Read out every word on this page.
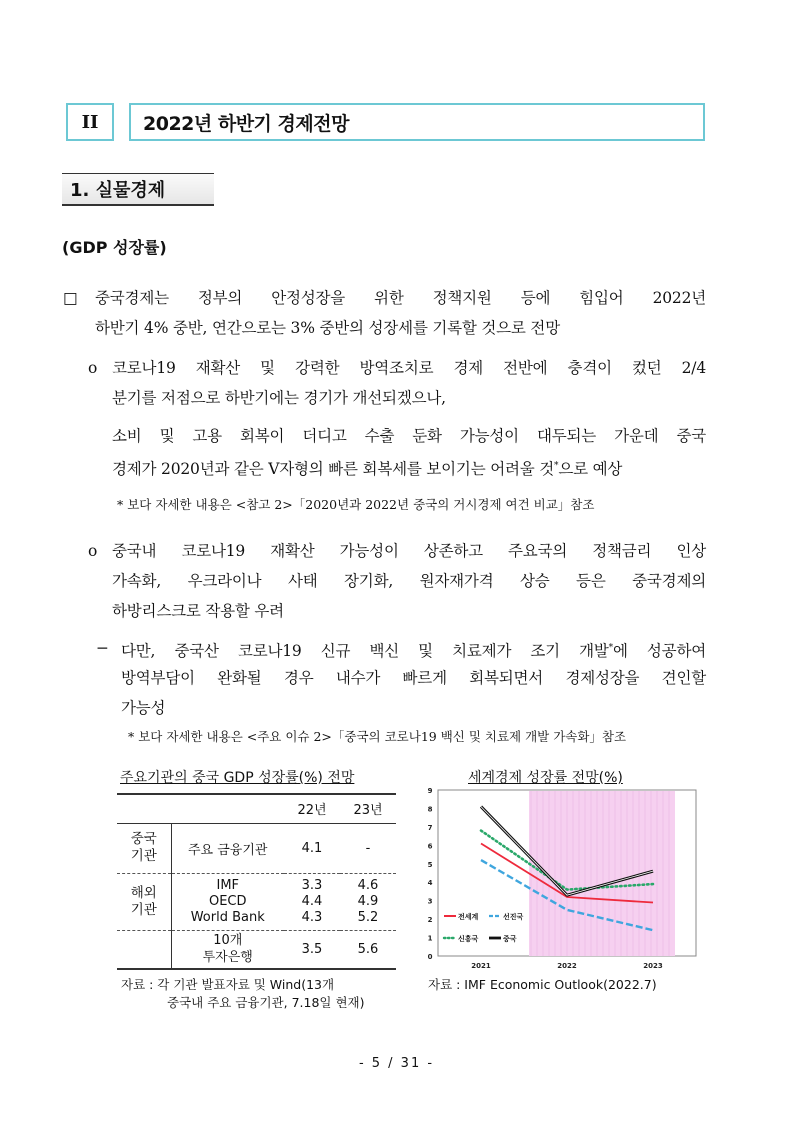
II 2022년 하반기 경제전망
1. 실물경제
(GDP 성장률)
□ 중국경제는 정부의 안정성장을 위한 정책지원 등에 힘입어 2022년
하반기 4% 중반, 연간으로는 3% 중반의 성장세를 기록할 것으로 전망
o 코로나19 재확산 및 강력한 방역조치로 경제 전반에 충격이 컸던 2/4
분기를 저점으로 하반기에는 경기가 개선되겠으나,
소비 및 고용 회복이 더디고 수출 둔화 가능성이 대두되는 가운데 중국
경제가 2020년과 같은 V자형의 빠른 회복세를 보이기는 어려울 것*으로 예상
* 보다 자세한 내용은 <참고 2>「2020년과 2022년 중국의 거시경제 여건 비교」참조
o 중국내 코로나19 재확산 가능성이 상존하고 주요국의 정책금리 인상
가속화, 우크라이나 사태 장기화, 원자재가격 상승 등은 중국경제의
하방리스크로 작용할 우려
− 다만, 중국산 코로나19 신규 백신 및 치료제가 조기 개발*에 성공하여
방역부담이 완화될 경우 내수가 빠르게 회복되면서 경제성장을 견인할
가능성
* 보다 자세한 내용은 <주요 이슈 2>「중국의 코로나19 백신 및 치료제 개발 가속화」참조
주요기관의 중국 GDP 성장률(%) 전망
		22년	23년
중국
기관	주요 금융기관	4.1	-
해외
기관	IMF	3.3	4.6
	OECD	4.4	4.9
	World Bank	4.3	5.2
	10개
투자은행	3.5	5.6
자료 : 각 기관 발표자료 및 Wind(13개
중국내 주요 금융기관, 7.18일 현재)
세계경제 성장률 전망(%)
0
1
2
3
4
5
6
7
8
9
2021	2022	2023
전세계	선진국
신흥국	중국
자료 : IMF Economic Outlook(2022.7)
- 5 / 31 -
